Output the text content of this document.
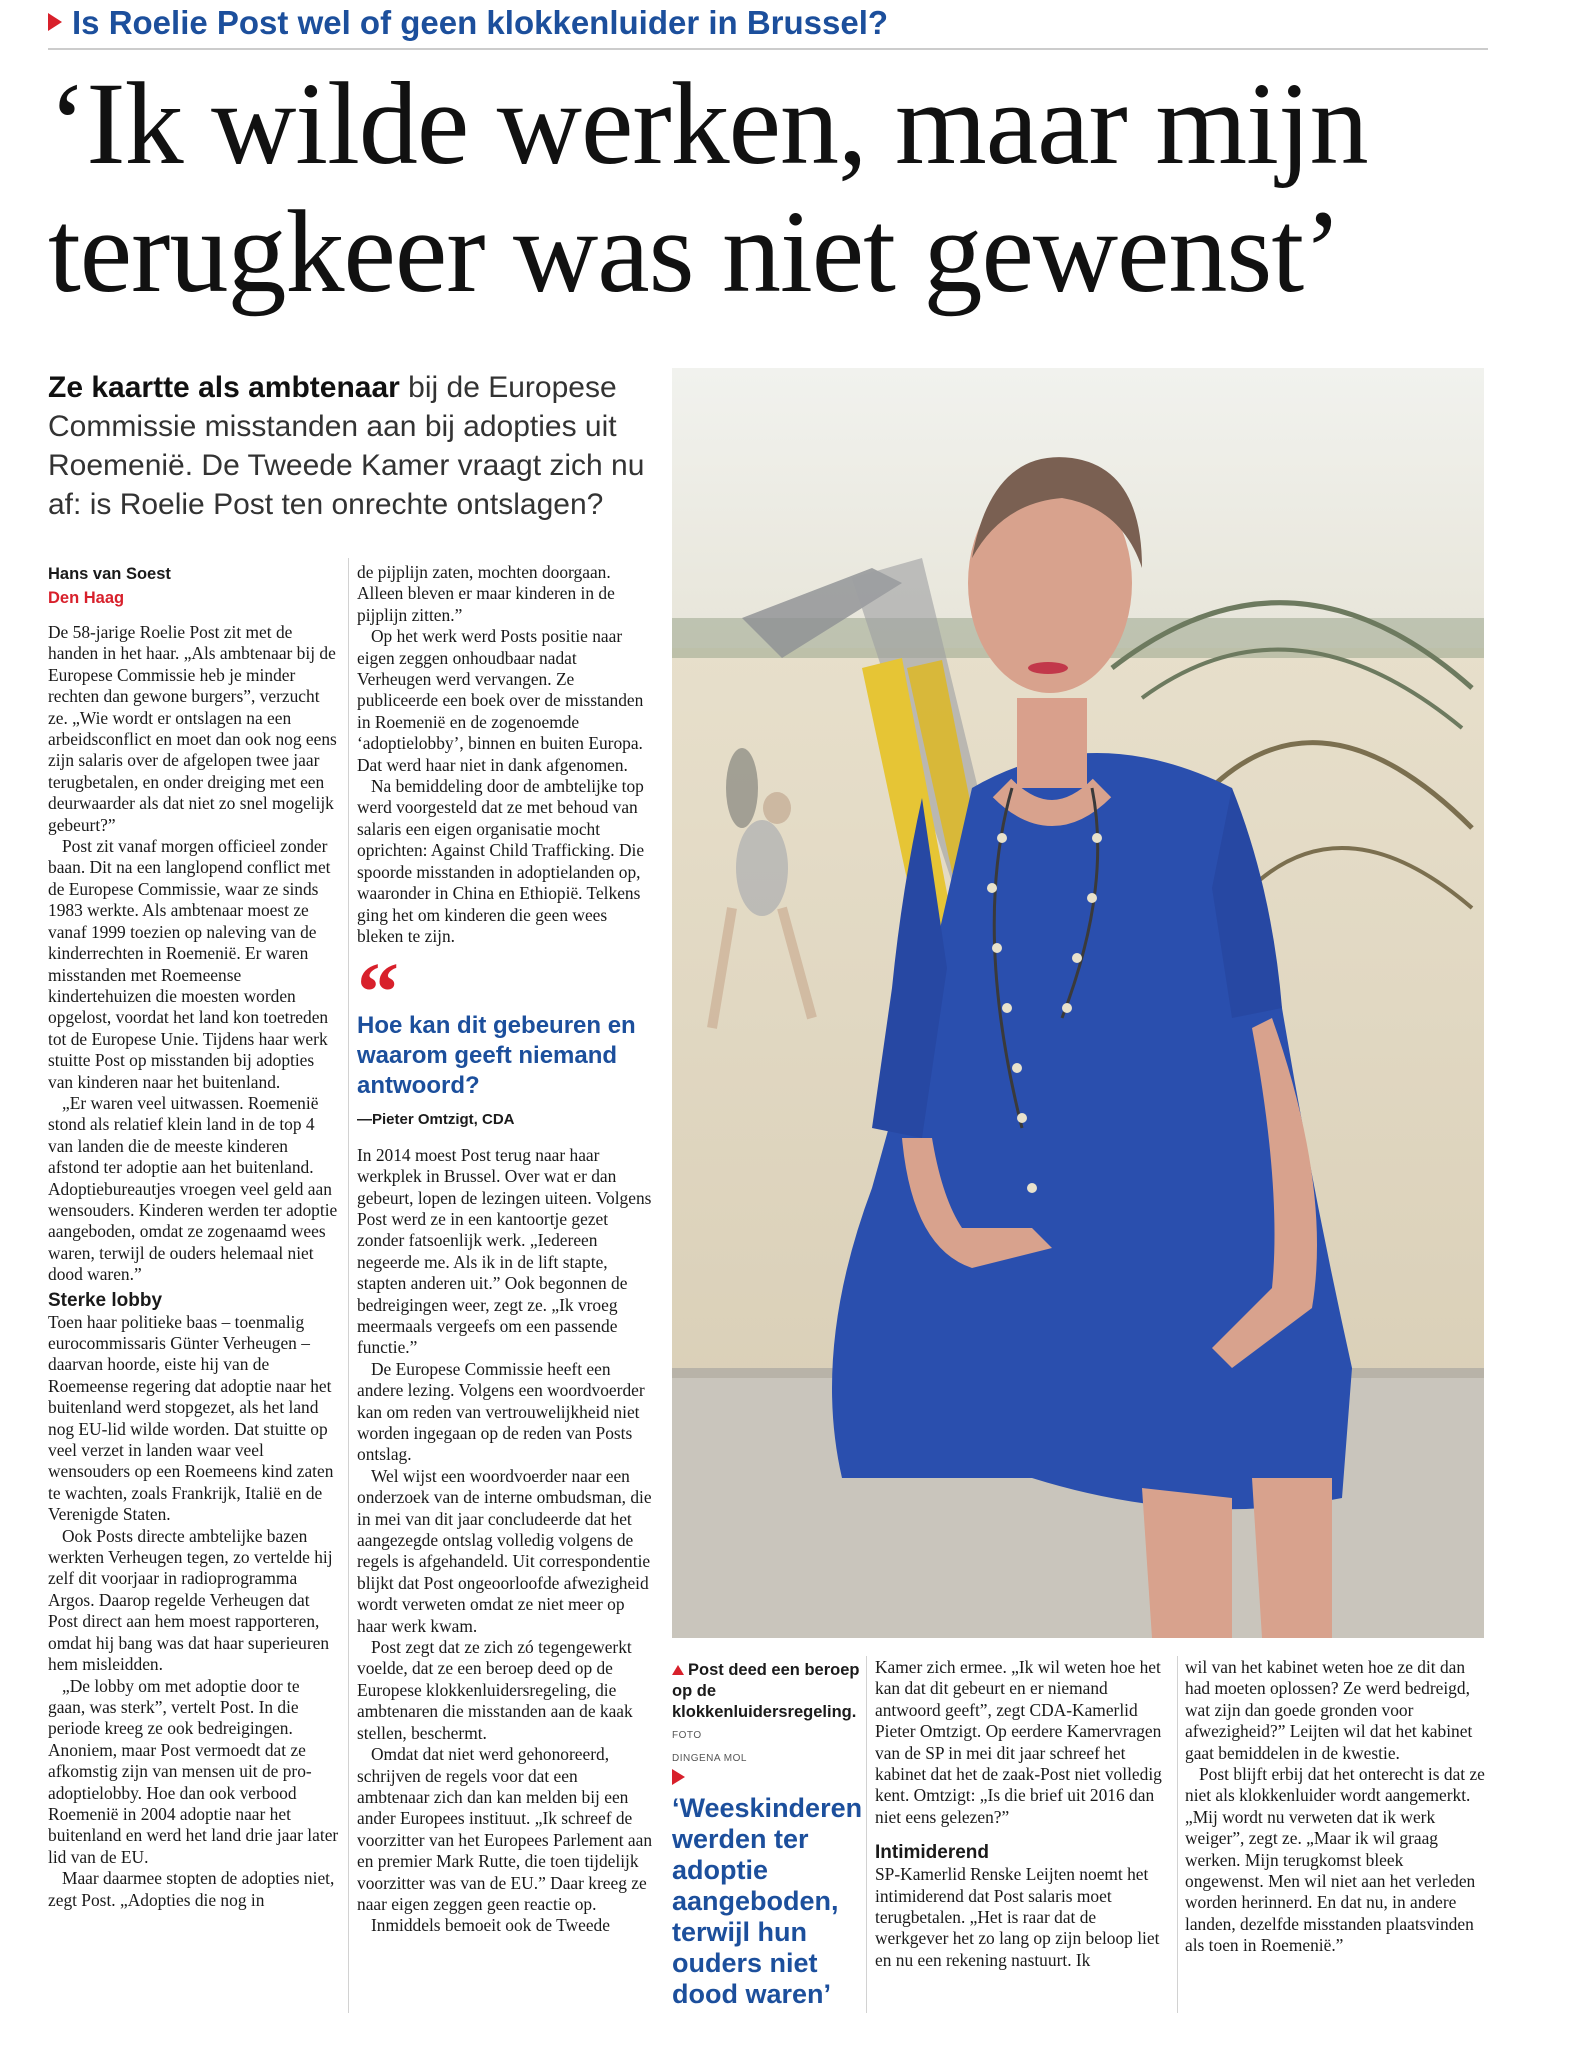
Is Roelie Post wel of geen klokkenluider in Brussel?
‘Ik wilde werken, maar mijn terugkeer was niet gewenst’
Ze kaartte als ambtenaar bij de Europese Commissie misstanden aan bij adopties uit Roemenië. De Tweede Kamer vraagt zich nu af: is Roelie Post ten onrechte ontslagen?
Hans van Soest
Den Haag

De 58-jarige Roelie Post zit met de handen in het haar. „Als ambtenaar bij de Europese Commissie heb je minder rechten dan gewone burgers”, verzucht ze. „Wie wordt er ontslagen na een arbeidsconflict en moet dan ook nog eens zijn salaris over de afgelopen twee jaar terugbetalen, en onder dreiging met een deurwaarder als dat niet zo snel mogelijk gebeurt?”

Post zit vanaf morgen officieel zonder baan. Dit na een langlopend conflict met de Europese Commissie, waar ze sinds 1983 werkte. Als ambtenaar moest ze vanaf 1999 toezien op naleving van de kinderrechten in Roemenië. Er waren misstanden met Roemeense kindertehuizen die moesten worden opgelost, voordat het land kon toetreden tot de Europese Unie. Tijdens haar werk stuitte Post op misstanden bij adopties van kinderen naar het buitenland.

„Er waren veel uitwassen. Roemenië stond als relatief klein land in de top 4 van landen die de meeste kinderen afstond ter adoptie aan het buitenland. Adoptiebureautjes vroegen veel geld aan wensouders. Kinderen werden ter adoptie aangeboden, omdat ze zogenaamd wees waren, terwijl de ouders helemaal niet dood waren.”

Sterke lobby

Toen haar politieke baas – toenmalig eurocommissaris Günter Verheugen – daarvan hoorde, eiste hij van de Roemeense regering dat adoptie naar het buitenland werd stopgezet, als het land nog EU-lid wilde worden. Dat stuitte op veel verzet in landen waar veel wensouders op een Roemeens kind zaten te wachten, zoals Frankrijk, Italië en de Verenigde Staten.

Ook Posts directe ambtelijke bazen werkten Verheugen tegen, zo vertelde hij zelf dit voorjaar in radioprogramma Argos. Daarop regelde Verheugen dat Post direct aan hem moest rapporteren, omdat hij bang was dat haar superieuren hem misleidden.

„De lobby om met adoptie door te gaan, was sterk”, vertelt Post. In die periode kreeg ze ook bedreigingen. Anoniem, maar Post vermoedt dat ze afkomstig zijn van mensen uit de pro-adoptielobby. Hoe dan ook verbood Roemenië in 2004 adoptie naar het buitenland en werd het land drie jaar later lid van de EU.

Maar daarmee stopten de adopties niet, zegt Post. „Adopties die nog in

de pijplijn zaten, mochten doorgaan. Alleen bleven er maar kinderen in de pijplijn zitten.”

Op het werk werd Posts positie naar eigen zeggen onhoudbaar nadat Verheugen werd vervangen. Ze publiceerde een boek over de misstanden in Roemenië en de zogenoemde ‘adoptielobby’, binnen en buiten Europa. Dat werd haar niet in dank afgenomen.

Na bemiddeling door de ambtelijke top werd voorgesteld dat ze met behoud van salaris een eigen organisatie mocht oprichten: Against Child Trafficking. Die spoorde misstanden in adoptielanden op, waaronder in China en Ethiopië. Telkens ging het om kinderen die geen wees bleken te zijn.

“
Hoe kan dit gebeuren en waarom geeft niemand antwoord?
—Pieter Omtzigt, CDA

In 2014 moest Post terug naar haar werkplek in Brussel. Over wat er dan gebeurt, lopen de lezingen uiteen. Volgens Post werd ze in een kantoortje gezet zonder fatsoenlijk werk. „Iedereen negeerde me. Als ik in de lift stapte, stapten anderen uit.” Ook begonnen de bedreigingen weer, zegt ze. „Ik vroeg meermaals vergeefs om een passende functie.”

De Europese Commissie heeft een andere lezing. Volgens een woordvoerder kan om reden van vertrouwelijkheid niet worden ingegaan op de reden van Posts ontslag.

Wel wijst een woordvoerder naar een onderzoek van de interne ombudsman, die in mei van dit jaar concludeerde dat het aangezegde ontslag volledig volgens de regels is afgehandeld. Uit correspondentie blijkt dat Post ongeoorloofde afwezigheid wordt verweten omdat ze niet meer op haar werk kwam.

Post zegt dat ze zich zó tegengewerkt voelde, dat ze een beroep deed op de Europese klokkenluidersregeling, die ambtenaren die misstanden aan de kaak stellen, beschermt.

Omdat dat niet werd gehonoreerd, schrijven de regels voor dat een ambtenaar zich dan kan melden bij een ander Europees instituut. „Ik schreef de voorzitter van het Europees Parlement aan en premier Mark Rutte, die toen tijdelijk voorzitter was van de EU.” Daar kreeg ze naar eigen zeggen geen reactie op.

Inmiddels bemoeit ook de Tweede

Post deed een beroep op de klokkenluidersregeling. FOTO
DINGENA MOL
‘Weeskinderen werden ter adoptie aangeboden, terwijl hun ouders niet dood waren’

Kamer zich ermee. „Ik wil weten hoe het kan dat dit gebeurt en er niemand antwoord geeft”, zegt CDA-Kamerlid Pieter Omtzigt. Op eerdere Kamervragen van de SP in mei dit jaar schreef het kabinet dat het de zaak-Post niet volledig kent. Omtzigt: „Is die brief uit 2016 dan niet eens gelezen?”

Intimiderend

SP-Kamerlid Renske Leijten noemt het intimiderend dat Post salaris moet terugbetalen. „Het is raar dat de werkgever het zo lang op zijn beloop liet en nu een rekening nastuurt. Ik

wil van het kabinet weten hoe ze dit dan had moeten oplossen? Ze werd bedreigd, wat zijn dan goede gronden voor afwezigheid?” Leijten wil dat het kabinet gaat bemiddelen in de kwestie.

Post blijft erbij dat het onterecht is dat ze niet als klokkenluider wordt aangemerkt. „Mij wordt nu verweten dat ik werk weiger”, zegt ze. „Maar ik wil graag werken. Mijn terugkomst bleek ongewenst. Men wil niet aan het verleden worden herinnerd. En dat nu, in andere landen, dezelfde misstanden plaatsvinden als toen in Roemenië.”
